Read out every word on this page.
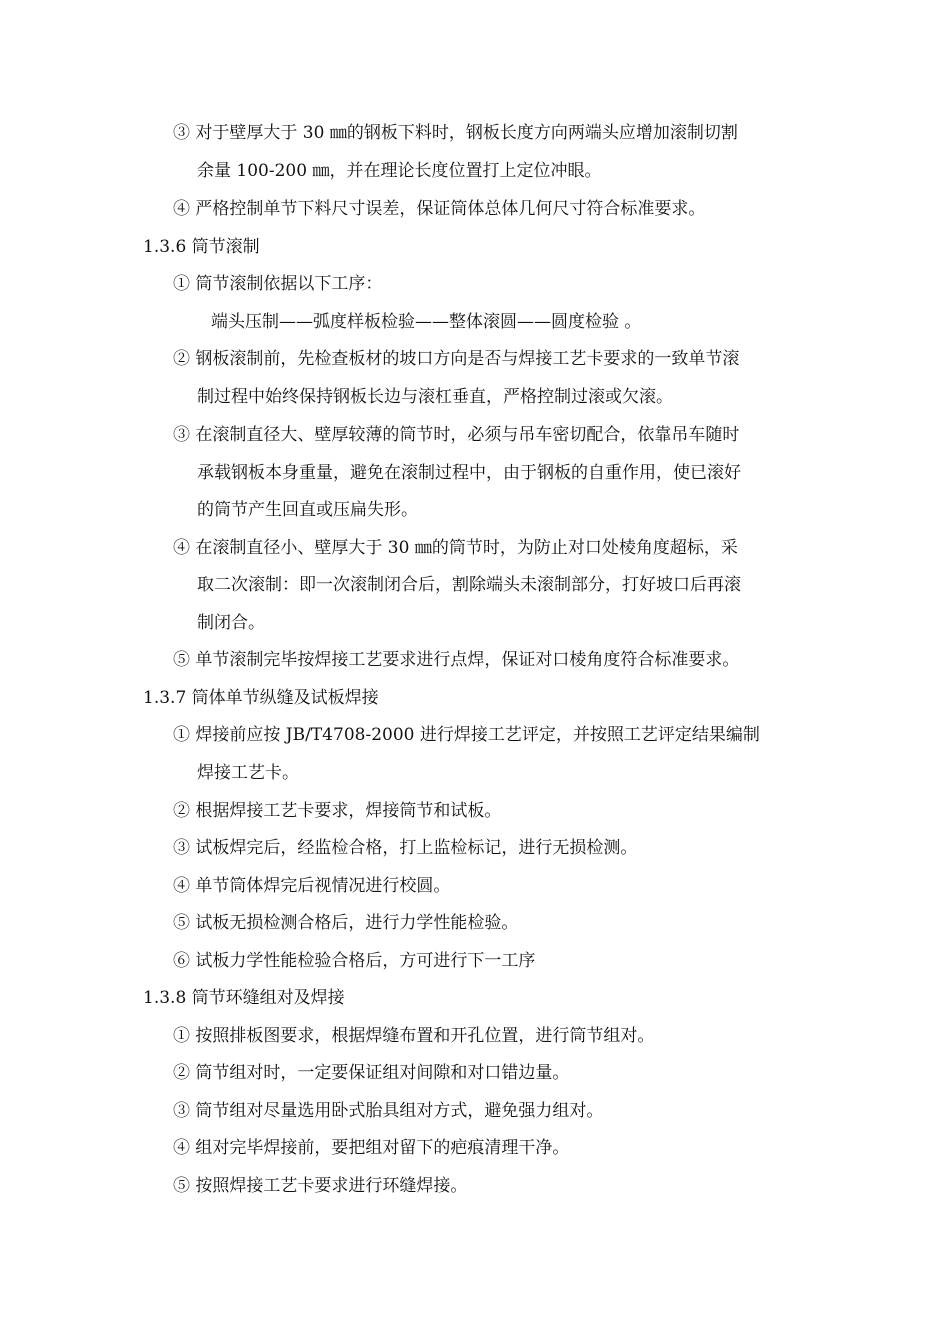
③ 对于壁厚大于 30 ㎜的钢板下料时，钢板长度方向两端头应增加滚制切割
余量 100-200 ㎜，并在理论长度位置打上定位冲眼。
④ 严格控制单节下料尺寸误差，保证筒体总体几何尺寸符合标准要求。
1.3.6 筒节滚制
① 筒节滚制依据以下工序：
端头压制——弧度样板检验——整体滚圆——圆度检验 。
② 钢板滚制前，先检查板材的坡口方向是否与焊接工艺卡要求的一致单节滚
制过程中始终保持钢板长边与滚杠垂直，严格控制过滚或欠滚。
③ 在滚制直径大、壁厚较薄的筒节时，必须与吊车密切配合，依靠吊车随时
承载钢板本身重量，避免在滚制过程中，由于钢板的自重作用，使已滚好
的筒节产生回直或压扁失形。
④ 在滚制直径小、壁厚大于 30 ㎜的筒节时，为防止对口处棱角度超标，采
取二次滚制：即一次滚制闭合后，割除端头未滚制部分，打好坡口后再滚
制闭合。
⑤ 单节滚制完毕按焊接工艺要求进行点焊，保证对口棱角度符合标准要求。
1.3.7 筒体单节纵缝及试板焊接
① 焊接前应按 JB/T4708-2000 进行焊接工艺评定，并按照工艺评定结果编制
焊接工艺卡。
② 根据焊接工艺卡要求，焊接筒节和试板。
③ 试板焊完后，经监检合格，打上监检标记，进行无损检测。
④ 单节筒体焊完后视情况进行校圆。
⑤ 试板无损检测合格后，进行力学性能检验。
⑥ 试板力学性能检验合格后，方可进行下一工序
1.3.8 筒节环缝组对及焊接
① 按照排板图要求，根据焊缝布置和开孔位置，进行筒节组对。
② 筒节组对时，一定要保证组对间隙和对口错边量。
③ 筒节组对尽量选用卧式胎具组对方式，避免强力组对。
④ 组对完毕焊接前，要把组对留下的疤痕清理干净。
⑤ 按照焊接工艺卡要求进行环缝焊接。
